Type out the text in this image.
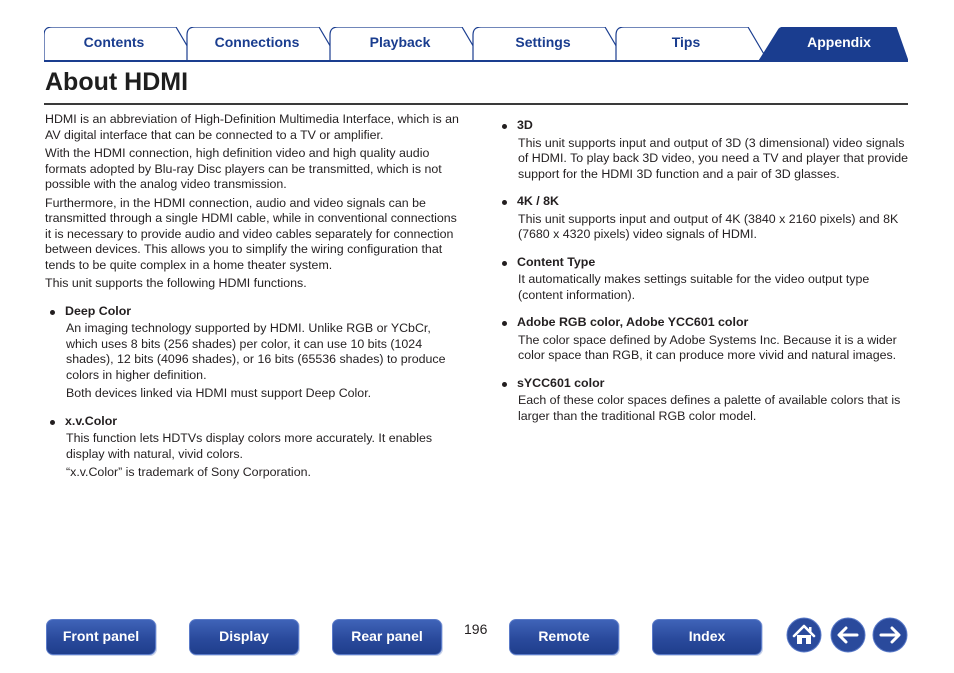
Contents	Connections	Playback	Settings	Tips	Appendix
About HDMI

HDMI is an abbreviation of High-Definition Multimedia Interface, which is an AV digital interface that can be connected to a TV or amplifier.

With the HDMI connection, high definition video and high quality audio formats adopted by Blu-ray Disc players can be transmitted, which is not possible with the analog video transmission.

Furthermore, in the HDMI connection, audio and video signals can be transmitted through a single HDMI cable, while in conventional connections it is necessary to provide audio and video cables separately for connection between devices. This allows you to simplify the wiring configuration that tends to be quite complex in a home theater system.

This unit supports the following HDMI functions.

Deep Color

An imaging technology supported by HDMI. Unlike RGB or YCbCr, which uses 8 bits (256 shades) per color, it can use 10 bits (1024 shades), 12 bits (4096 shades), or 16 bits (65536 shades) to produce colors in higher definition.

Both devices linked via HDMI must support Deep Color.

x.v.Color

This function lets HDTVs display colors more accurately. It enables display with natural, vivid colors.

“x.v.Color” is trademark of Sony Corporation.

3D

This unit supports input and output of 3D (3 dimensional) video signals of HDMI. To play back 3D video, you need a TV and player that provide support for the HDMI 3D function and a pair of 3D glasses.

4K / 8K

This unit supports input and output of 4K (3840 x 2160 pixels) and 8K (7680 x 4320 pixels) video signals of HDMI.

Content Type

It automatically makes settings suitable for the video output type (content information).

Adobe RGB color, Adobe YCC601 color

The color space defined by Adobe Systems Inc. Because it is a wider color space than RGB, it can produce more vivid and natural images.

sYCC601 color

Each of these color spaces defines a palette of available colors that is larger than the traditional RGB color model.

Front panel	Display	Rear panel	196	Remote	Index
